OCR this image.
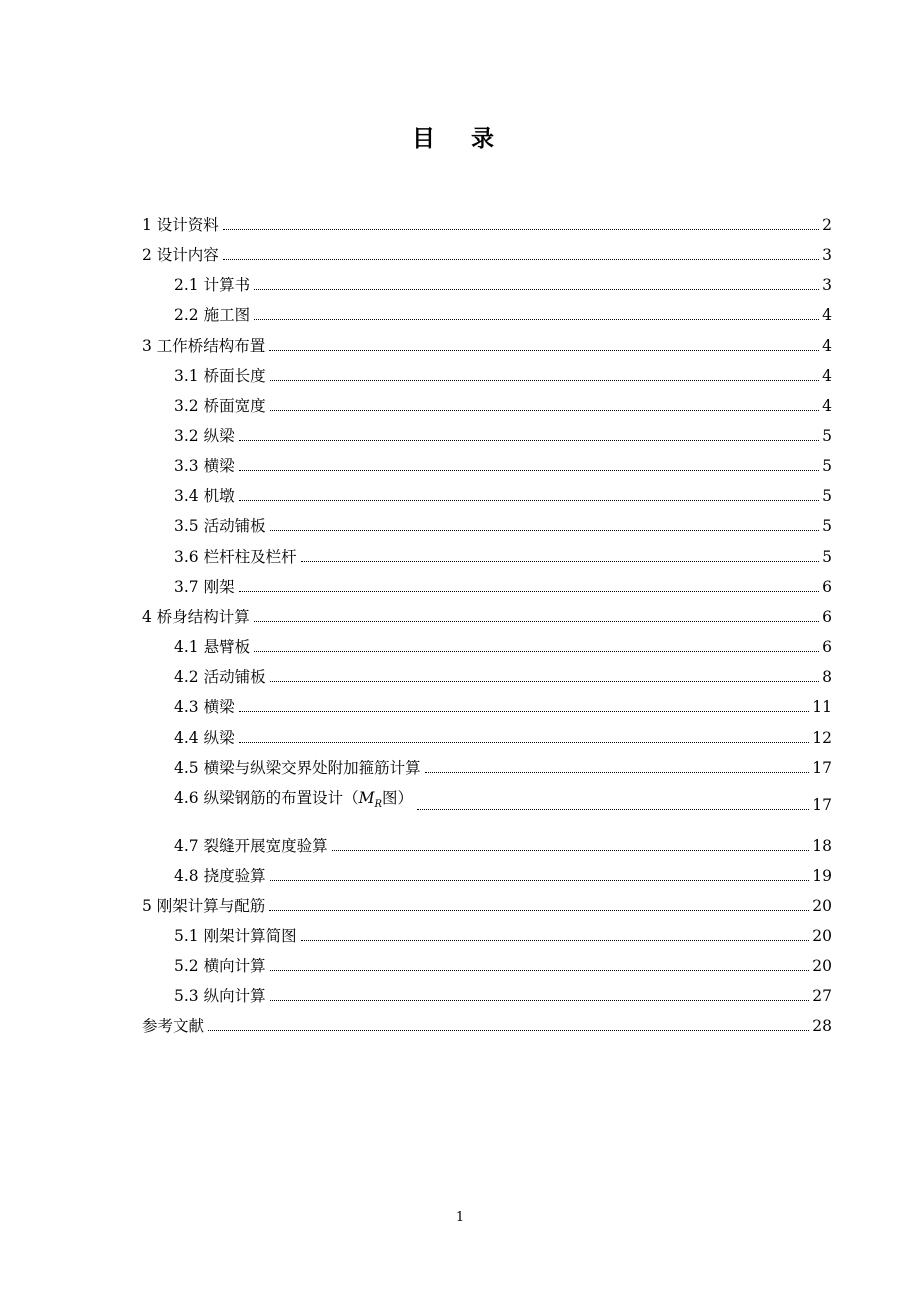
目 录
1 设计资料	2
2 设计内容	3
2.1 计算书	3
2.2 施工图	4
3 工作桥结构布置	4
3.1 桥面长度	4
3.2 桥面宽度	4
3.2 纵梁	5
3.3 横梁	5
3.4 机墩	5
3.5 活动铺板	5
3.6 栏杆柱及栏杆	5
3.7 刚架	6
4 桥身结构计算	6
4.1 悬臂板	6
4.2 活动铺板	8
4.3 横梁	11
4.4 纵梁	12
4.5 横梁与纵梁交界处附加箍筋计算	17
4.6 纵梁钢筋的布置设计（$M_R$图）	17
4.7 裂缝开展宽度验算	18
4.8 挠度验算	19
5 刚架计算与配筋	20
5.1 刚架计算简图	20
5.2 横向计算	20
5.3 纵向计算	27
参考文献	28
1
